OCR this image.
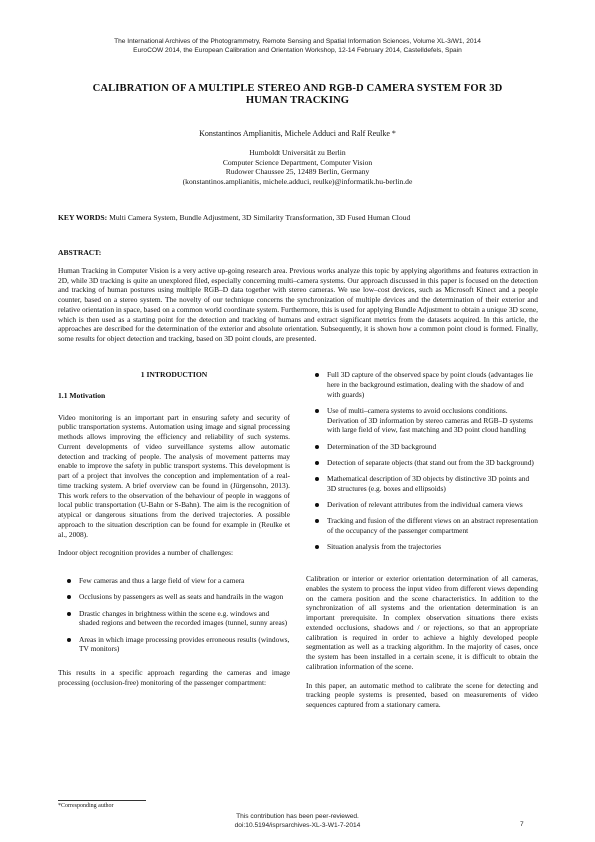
The International Archives of the Photogrammetry, Remote Sensing and Spatial Information Sciences, Volume XL-3/W1, 2014
EuroCOW 2014, the European Calibration and Orientation Workshop, 12-14 February 2014, Castelldefels, Spain
CALIBRATION OF A MULTIPLE STEREO AND RGB-D CAMERA SYSTEM FOR 3D
HUMAN TRACKING
Konstantinos Amplianitis, Michele Adduci and Ralf Reulke *
Humboldt Universität zu Berlin
Computer Science Department, Computer Vision
Rudower Chaussee 25, 12489 Berlin, Germany
(konstantinos.amplianitis, michele.adduci, reulke)@informatik.hu-berlin.de
KEY WORDS: Multi Camera System, Bundle Adjustment, 3D Similarity Transformation, 3D Fused Human Cloud
ABSTRACT:
Human Tracking in Computer Vision is a very active up-going research area. Previous works analyze this topic by applying algorithms and features extraction in 2D, while 3D tracking is quite an unexplored filed, especially concerning multi–camera systems. Our approach discussed in this paper is focused on the detection and tracking of human postures using multiple RGB–D data together with stereo cameras. We use low–cost devices, such as Microsoft Kinect and a people counter, based on a stereo system. The novelty of our technique concerns the synchronization of multiple devices and the determination of their exterior and relative orientation in space, based on a common world coordinate system. Furthermore, this is used for applying Bundle Adjustment to obtain a unique 3D scene, which is then used as a starting point for the detection and tracking of humans and extract significant metrics from the datasets acquired. In this article, the approaches are described for the determination of the exterior and absolute orientation. Subsequently, it is shown how a common point cloud is formed. Finally, some results for object detection and tracking, based on 3D point clouds, are presented.
1 INTRODUCTION
1.1 Motivation

Video monitoring is an important part in ensuring safety and security of public transportation systems. Automation using image and signal processing methods allows improving the efficiency and reliability of such systems. Current developments of video surveillance systems allow automatic detection and tracking of people. The analysis of movement patterns may enable to improve the safety in public transport systems. This development is part of a project that involves the conception and implementation of a real-time tracking system. A brief overview can be found in (Jürgensohn, 2013). This work refers to the observation of the behaviour of people in waggons of local public transportation (U-Bahn or S-Bahn). The aim is the recognition of atypical or dangerous situations from the derived trajectories. A possible approach to the situation description can be found for example in (Reulke et al., 2008).

Indoor object recognition provides a number of challenges:

Few cameras and thus a large field of view for a camera
Occlusions by passengers as well as seats and handrails in the wagon
Drastic changes in brightness within the scene e.g. windows and shaded regions and between the recorded images (tunnel, sunny areas)
Areas in which image processing provides erroneous results (windows, TV monitors)

This results in a specific approach regarding the cameras and image processing (occlusion-free) monitoring of the passenger compartment:

Full 3D capture of the observed space by point clouds (advantages lie here in the background estimation, dealing with the shadow of and with guards)
Use of multi–camera systems to avoid occlusions conditions. Derivation of 3D information by stereo cameras and RGB–D systems with large field of view, fast matching and 3D point cloud handling
Determination of the 3D background
Detection of separate objects (that stand out from the 3D background)
Mathematical description of 3D objects by distinctive 3D points and 3D structures (e.g. boxes and ellipsoids)
Derivation of relevant attributes from the individual camera views
Tracking and fusion of the different views on an abstract representation of the occupancy of the passenger compartment
Situation analysis from the trajectories

Calibration or interior or exterior orientation determination of all cameras, enables the system to process the input video from different views depending on the camera position and the scene characteristics. In addition to the synchronization of all systems and the orientation determination is an important prerequisite. In complex observation situations there exists extended occlusions, shadows and / or rejections, so that an appropriate calibration is required in order to achieve a highly developed people segmentation as well as a tracking algorithm. In the majority of cases, once the system has been installed in a certain scene, it is difficult to obtain the calibration information of the scene.

In this paper, an automatic method to calibrate the scene for detecting and tracking people systems is presented, based on measurements of video sequences captured from a stationary camera.

*Corresponding author
This contribution has been peer-reviewed.
doi:10.5194/isprsarchives-XL-3-W1-7-2014	7
